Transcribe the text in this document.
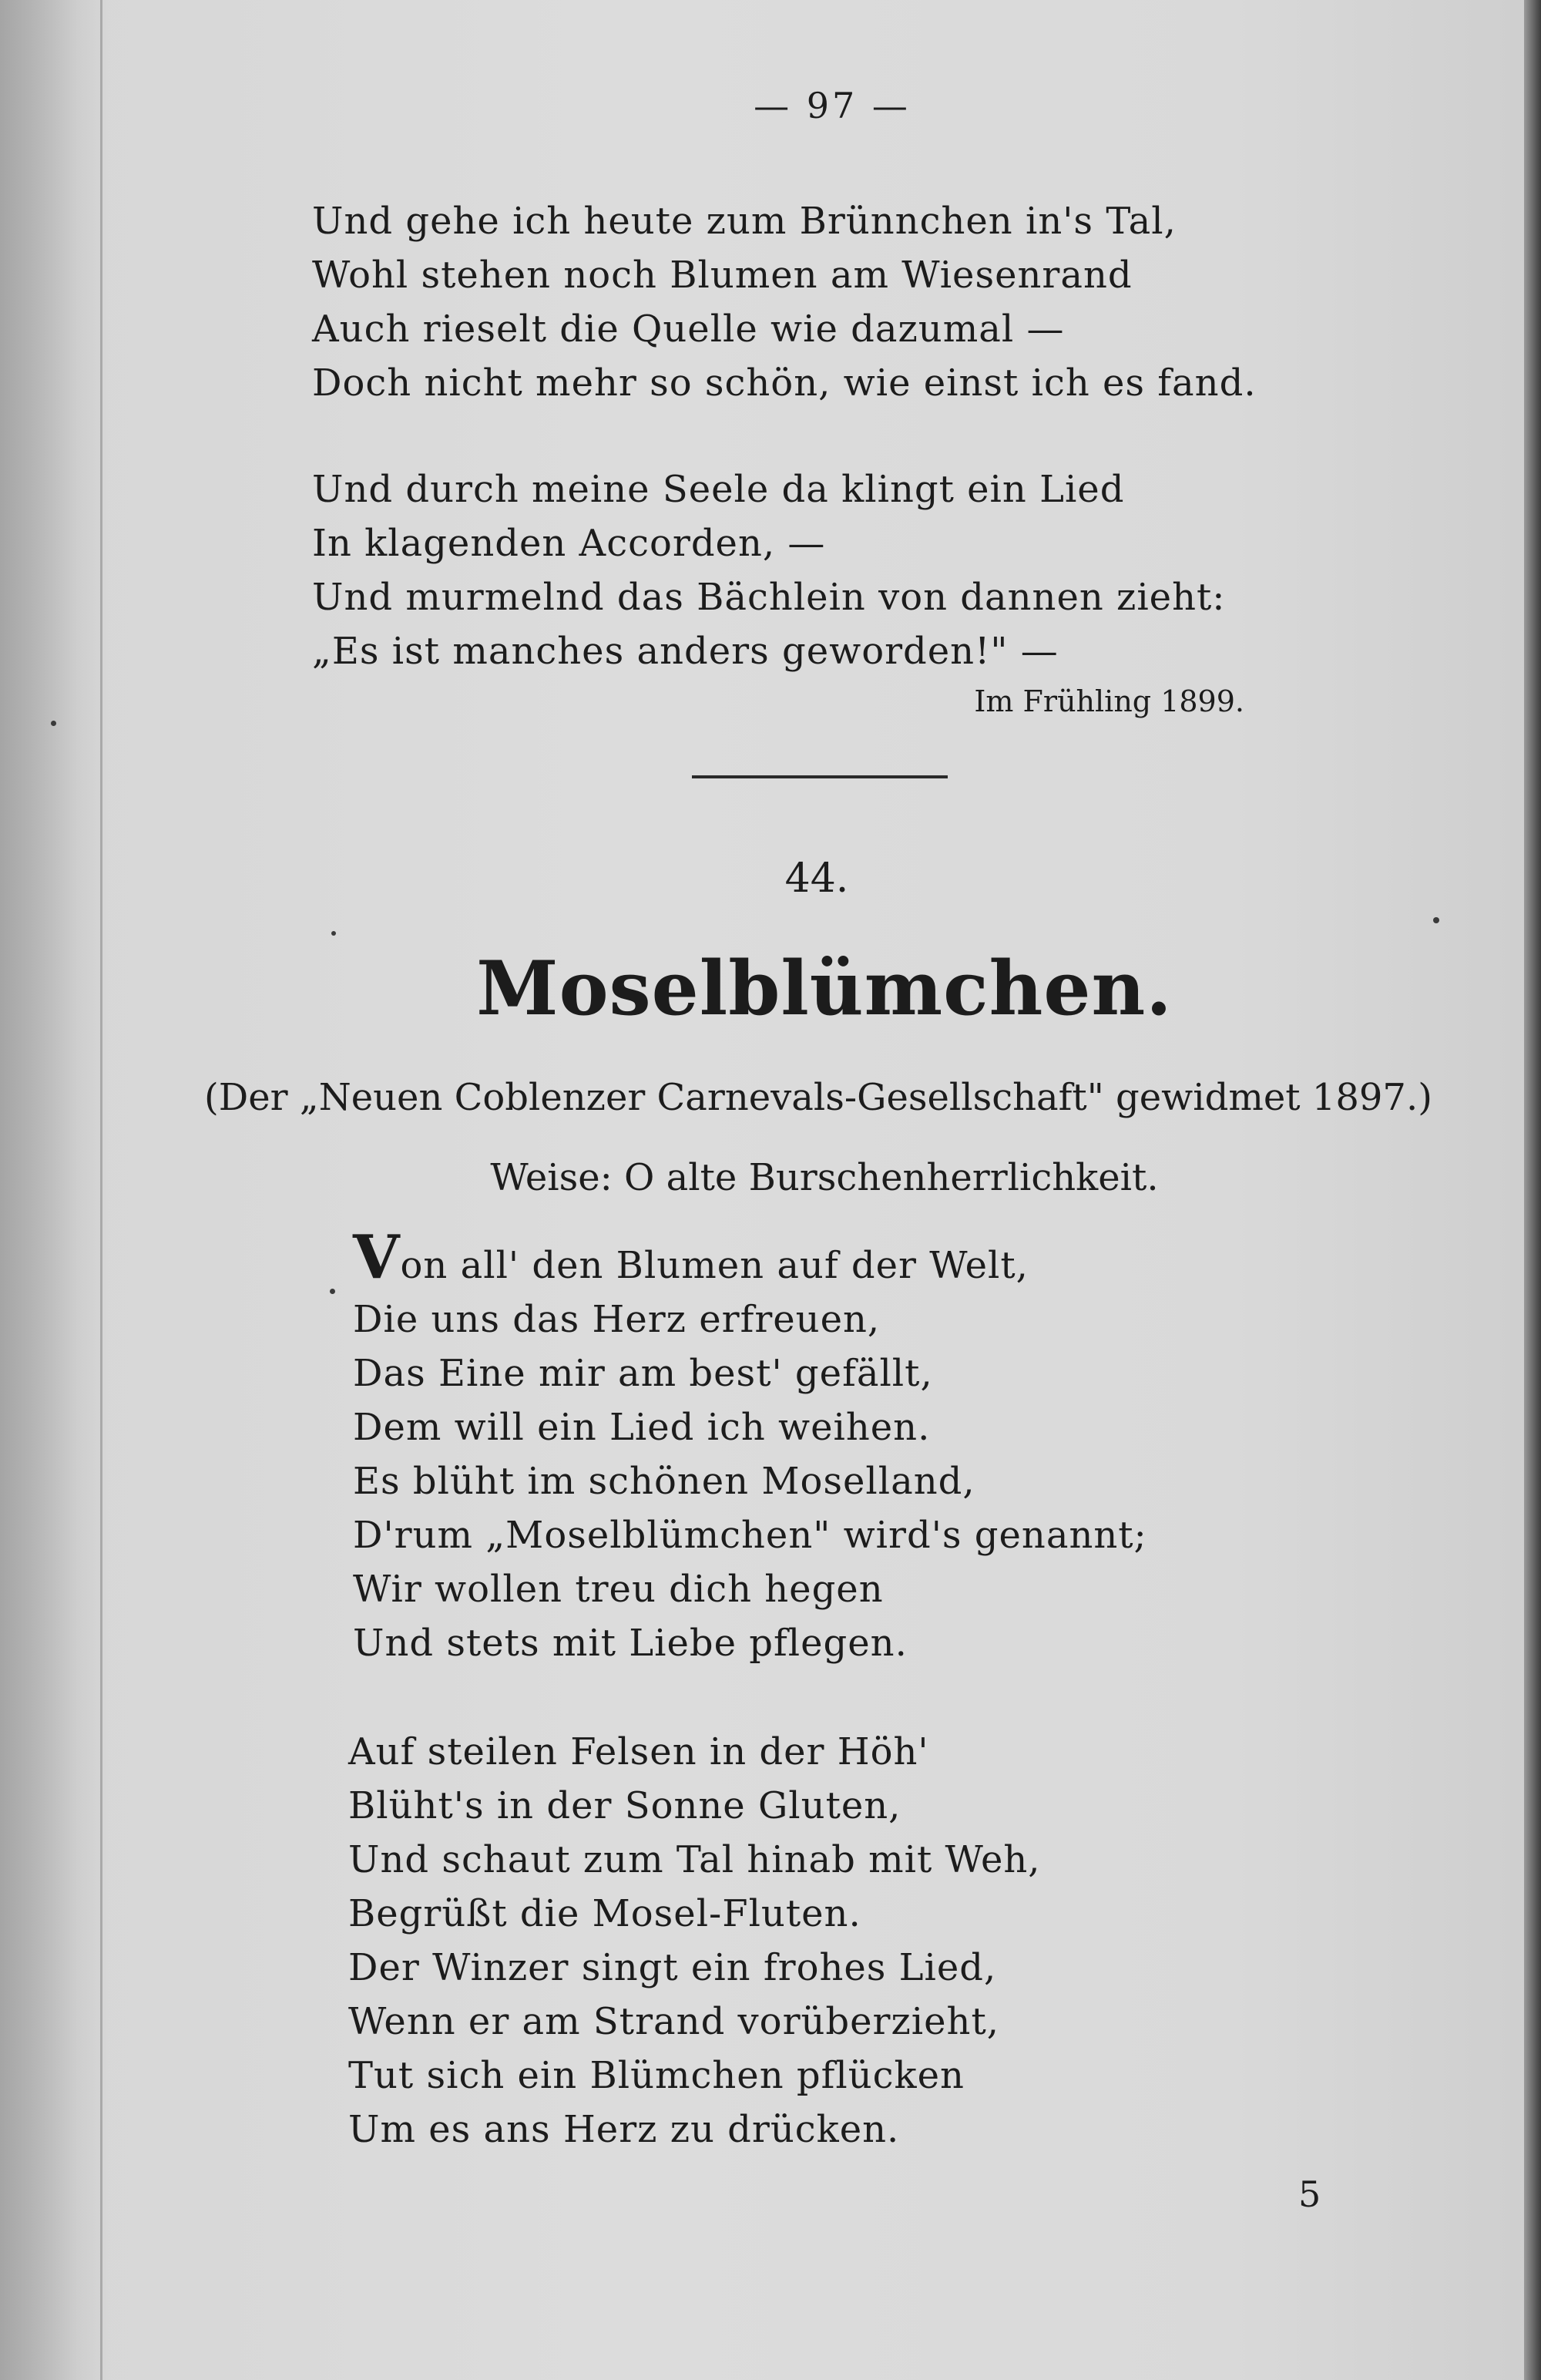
— 97 —
Und gehe ich heute zum Brünnchen in's Tal,
Wohl stehen noch Blumen am Wiesenrand
Auch rieselt die Quelle wie dazumal —
Doch nicht mehr so schön, wie einst ich es fand.
Und durch meine Seele da klingt ein Lied
In klagenden Accorden, —
Und murmelnd das Bächlein von dannen zieht:
„Es ist manches anders geworden!" —
Im Frühling 1899.
44.
Moselblümchen.
(Der „Neuen Coblenzer Carnevals-Gesellschaft" gewidmet 1897.)
Weise: O alte Burschenherrlichkeit.
Von all' den Blumen auf der Welt,
Die uns das Herz erfreuen,
Das Eine mir am best' gefällt,
Dem will ein Lied ich weihen.
Es blüht im schönen Moselland,
D'rum „Moselblümchen" wird's genannt;
Wir wollen treu dich hegen
Und stets mit Liebe pflegen.
Auf steilen Felsen in der Höh'
Blüht's in der Sonne Gluten,
Und schaut zum Tal hinab mit Weh,
Begrüßt die Mosel-Fluten.
Der Winzer singt ein frohes Lied,
Wenn er am Strand vorüberzieht,
Tut sich ein Blümchen pflücken
Um es ans Herz zu drücken.
5
